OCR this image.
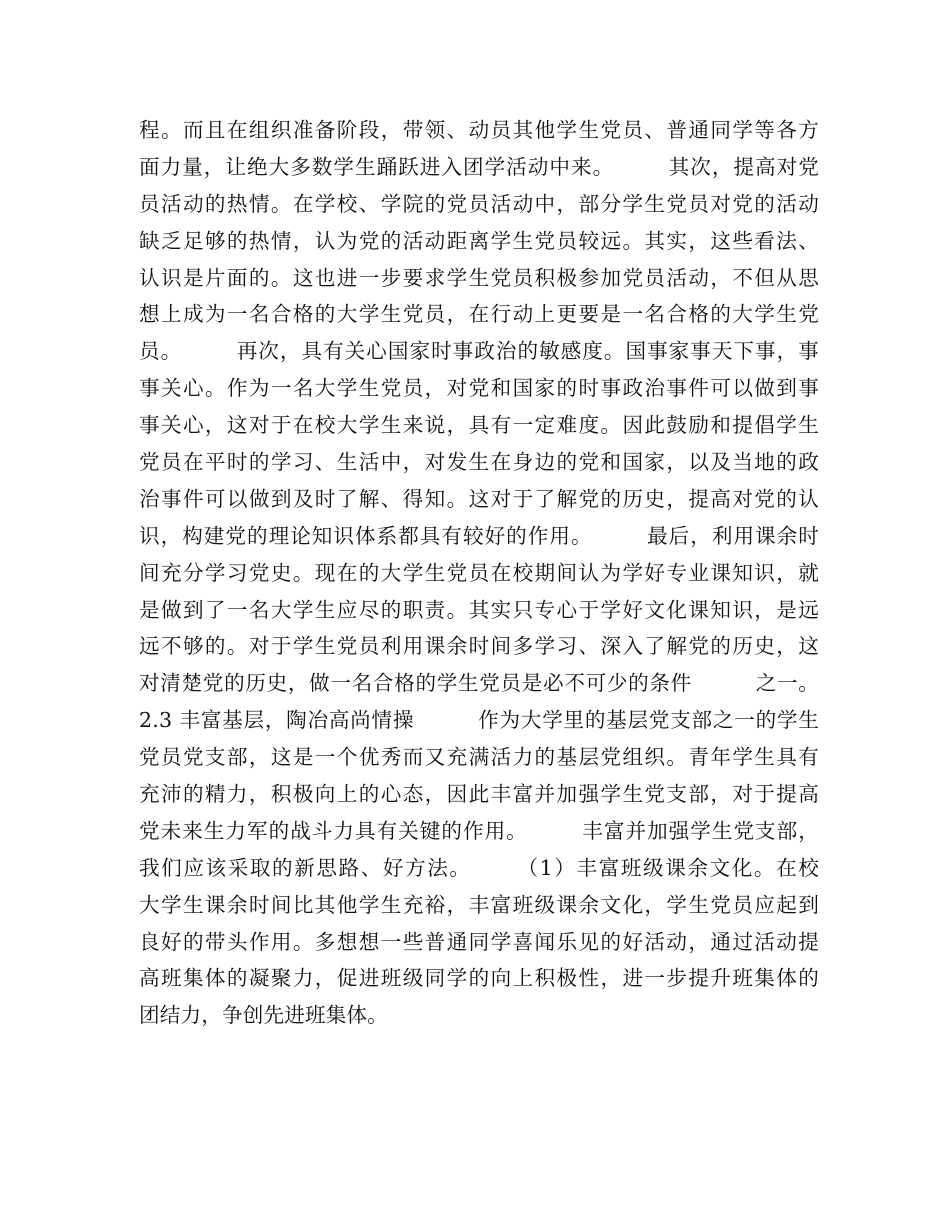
程。而且在组织准备阶段，带领、动员其他学生党员、普通同学等各方
面力量，让绝大多数学生踊跃进入团学活动中来。　　　其次，提高对党
员活动的热情。在学校、学院的党员活动中，部分学生党员对党的活动
缺乏足够的热情，认为党的活动距离学生党员较远。其实，这些看法、
认识是片面的。这也进一步要求学生党员积极参加党员活动，不但从思
想上成为一名合格的大学生党员，在行动上更要是一名合格的大学生党
员。　　　再次，具有关心国家时事政治的敏感度。国事家事天下事，事
事关心。作为一名大学生党员，对党和国家的时事政治事件可以做到事
事关心，这对于在校大学生来说，具有一定难度。因此鼓励和提倡学生
党员在平时的学习、生活中，对发生在身边的党和国家，以及当地的政
治事件可以做到及时了解、得知。这对于了解党的历史，提高对党的认
识，构建党的理论知识体系都具有较好的作用。　　　最后，利用课余时
间充分学习党史。现在的大学生党员在校期间认为学好专业课知识，就
是做到了一名大学生应尽的职责。其实只专心于学好文化课知识，是远
远不够的。对于学生党员利用课余时间多学习、深入了解党的历史，这
对清楚党的历史，做一名合格的学生党员是必不可少的条件　　　之一。
2.3 丰富基层，陶冶高尚情操　　　作为大学里的基层党支部之一的学生
党员党支部，这是一个优秀而又充满活力的基层党组织。青年学生具有
充沛的精力，积极向上的心态，因此丰富并加强学生党支部，对于提高
党未来生力军的战斗力具有关键的作用。　　　丰富并加强学生党支部，
我们应该采取的新思路、好方法。　　　（1）丰富班级课余文化。在校
大学生课余时间比其他学生充裕，丰富班级课余文化，学生党员应起到
良好的带头作用。多想想一些普通同学喜闻乐见的好活动，通过活动提
高班集体的凝聚力，促进班级同学的向上积极性，进一步提升班集体的
团结力，争创先进班集体。
